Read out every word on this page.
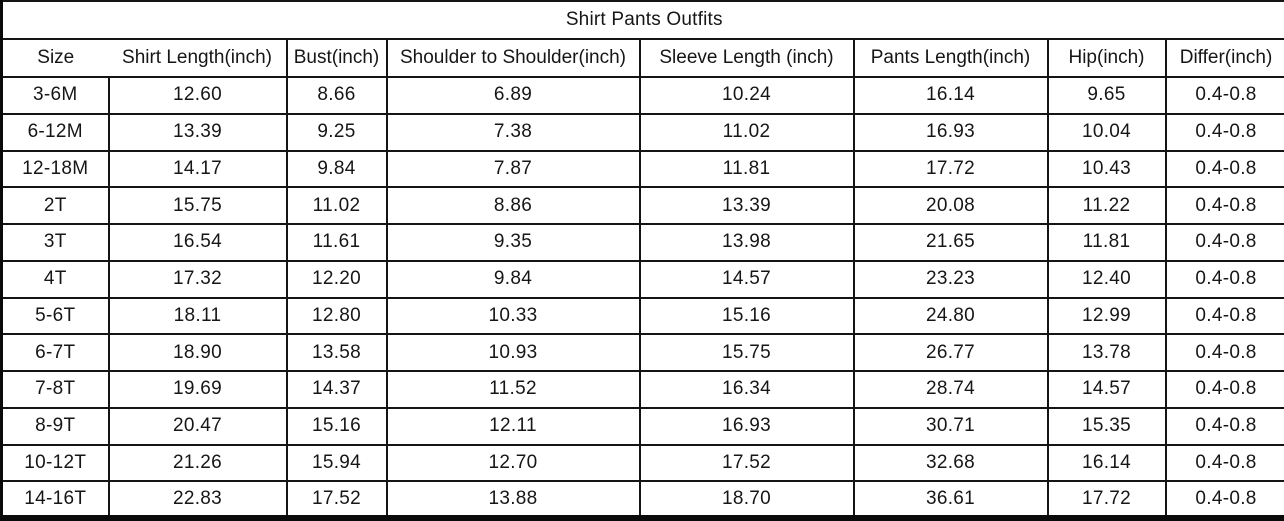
Shirt Pants Outfits							
Size	Shirt Length(inch)	Bust(inch)	Shoulder to Shoulder(inch)	Sleeve Length (inch)	Pants Length(inch)	Hip(inch)	Differ(inch)
3-6M	12.60	8.66	6.89	10.24	16.14	9.65	0.4-0.8
6-12M	13.39	9.25	7.38	11.02	16.93	10.04	0.4-0.8
12-18M	14.17	9.84	7.87	11.81	17.72	10.43	0.4-0.8
2T	15.75	11.02	8.86	13.39	20.08	11.22	0.4-0.8
3T	16.54	11.61	9.35	13.98	21.65	11.81	0.4-0.8
4T	17.32	12.20	9.84	14.57	23.23	12.40	0.4-0.8
5-6T	18.11	12.80	10.33	15.16	24.80	12.99	0.4-0.8
6-7T	18.90	13.58	10.93	15.75	26.77	13.78	0.4-0.8
7-8T	19.69	14.37	11.52	16.34	28.74	14.57	0.4-0.8
8-9T	20.47	15.16	12.11	16.93	30.71	15.35	0.4-0.8
10-12T	21.26	15.94	12.70	17.52	32.68	16.14	0.4-0.8
14-16T	22.83	17.52	13.88	18.70	36.61	17.72	0.4-0.8
